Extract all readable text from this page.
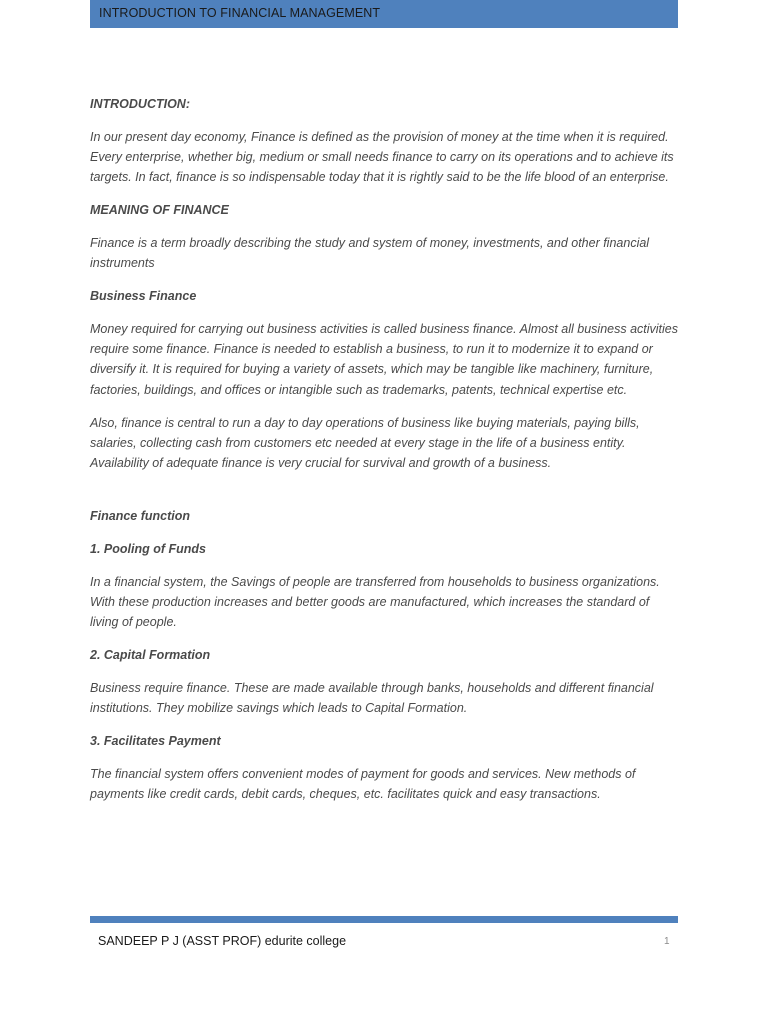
INTRODUCTION TO FINANCIAL MANAGEMENT
INTRODUCTION:

In our present day economy, Finance is defined as the provision of money at the time when it is required. Every enterprise, whether big, medium or small needs finance to carry on its operations and to achieve its targets. In fact, finance is so indispensable today that it is rightly said to be the life blood of an enterprise.

MEANING OF FINANCE

Finance is a term broadly describing the study and system of money, investments, and other financial instruments

Business Finance

Money required for carrying out business activities is called business finance. Almost all business activities require some finance. Finance is needed to establish a business, to run it to modernize it to expand or diversify it. It is required for buying a variety of assets, which may be tangible like machinery, furniture, factories, buildings, and offices or intangible such as trademarks, patents, technical expertise etc.

Also, finance is central to run a day to day operations of business like buying materials, paying bills, salaries, collecting cash from customers etc needed at every stage in the life of a business entity. Availability of adequate finance is very crucial for survival and growth of a business.

Finance function
1. Pooling of Funds

In a financial system, the Savings of people are transferred from households to business organizations. With these production increases and better goods are manufactured, which increases the standard of living of people.

2. Capital Formation

Business require finance. These are made available through banks, households and different financial institutions. They mobilize savings which leads to Capital Formation.

3. Facilitates Payment

The financial system offers convenient modes of payment for goods and services. New methods of payments like credit cards, debit cards, cheques, etc. facilitates quick and easy transactions.

SANDEEP P J (ASST PROF) edurite college	1
